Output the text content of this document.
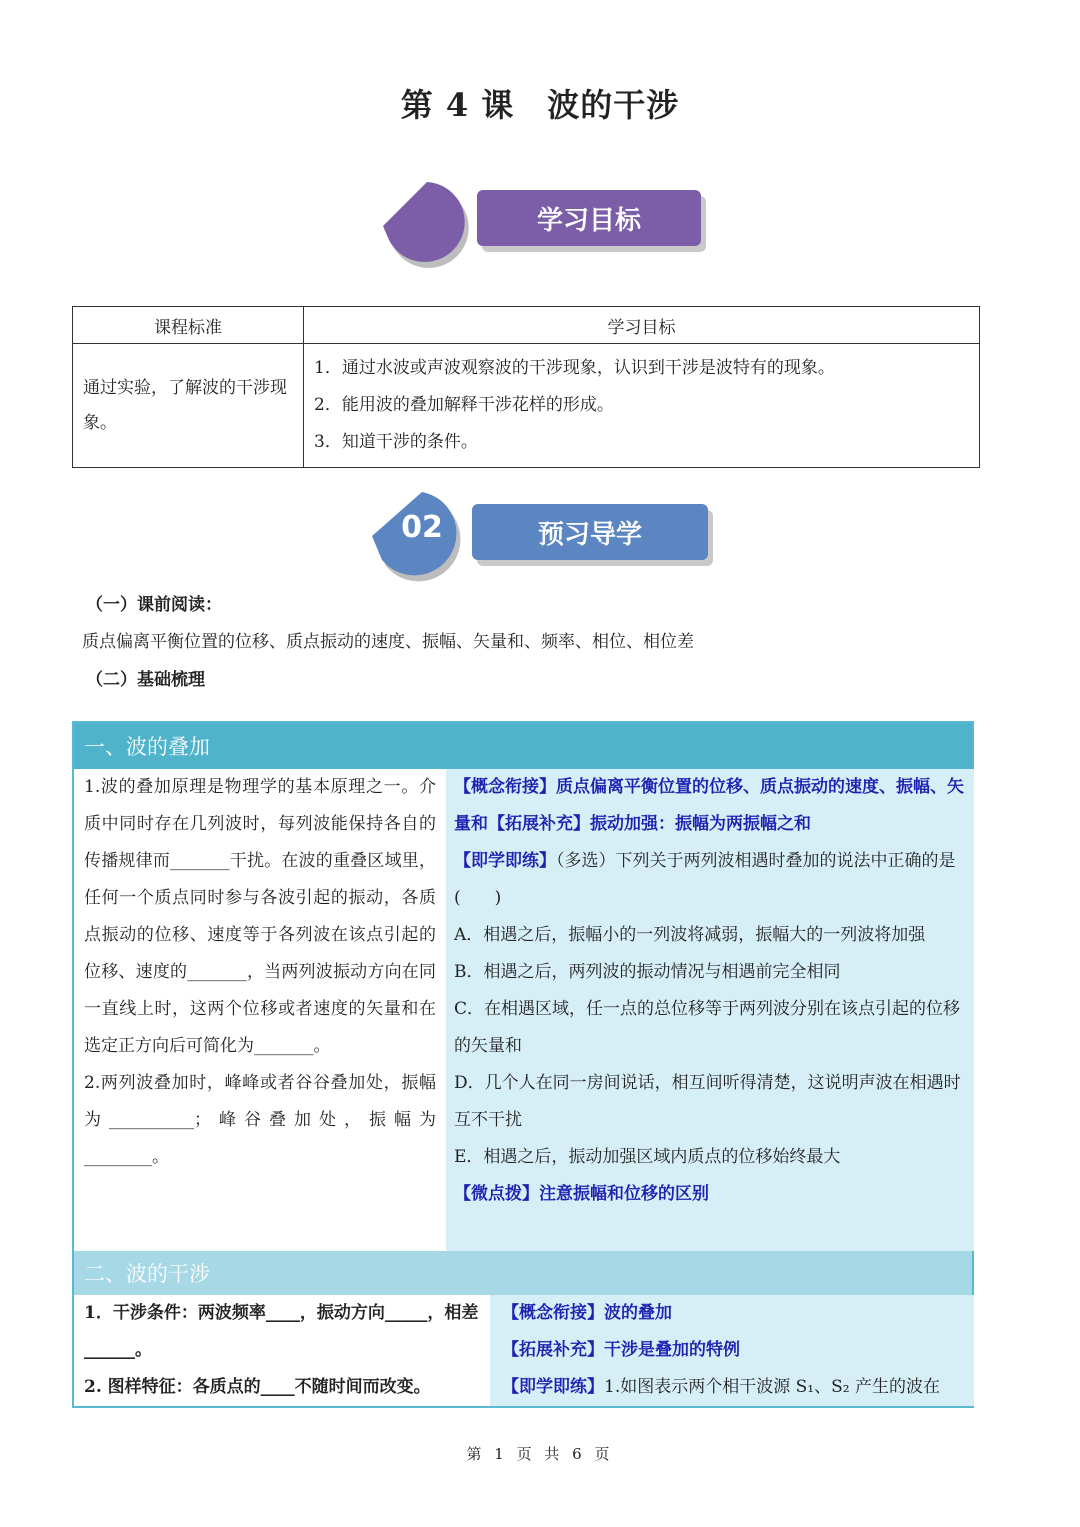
第 4 课　波的干涉
学习目标
课程标准	学习目标
通过实验，了解波的干涉现象。	1．通过水波或声波观察波的干涉现象，认识到干涉是波特有的现象。
2．能用波的叠加解释干涉花样的形成。
3．知道干涉的条件。
02	预习导学
（一）课前阅读：
质点偏离平衡位置的位移、质点振动的速度、振幅、矢量和、频率、相位、相位差
（二）基础梳理
一、波的叠加

1.波的叠加原理是物理学的基本原理之一。介质中同时存在几列波时，每列波能保持各自的传播规律而_______干扰。在波的重叠区域里，任何一个质点同时参与各波引起的振动，各质点振动的位移、速度等于各列波在该点引起的位移、速度的_______，当两列波振动方向在同一直线上时，这两个位移或者速度的矢量和在选定正方向后可简化为_______。

2.两列波叠加时，峰峰或者谷谷叠加处，振幅为__________；峰谷叠加处，振幅为________。

【概念衔接】质点偏离平衡位置的位移、质点振动的速度、振幅、矢量和【拓展补充】振动加强：振幅为两振幅之和
【即学即练】（多选）下列关于两列波相遇时叠加的说法中正确的是(　　)
A．相遇之后，振幅小的一列波将减弱，振幅大的一列波将加强
B．相遇之后，两列波的振动情况与相遇前完全相同
C．在相遇区域，任一点的总位移等于两列波分别在该点引起的位移的矢量和
D．几个人在同一房间说话，相互间听得清楚，这说明声波在相遇时互不干扰
E．相遇之后，振动加强区域内质点的位移始终最大
【微点拨】注意振幅和位移的区别
二、波的干涉

1．干涉条件：两波频率____，振动方向_____，相差______。

2. 图样特征：各质点的____不随时间而改变。

【概念衔接】波的叠加
【拓展补充】干涉是叠加的特例
【即学即练】1.如图表示两个相干波源 S₁、S₂ 产生的波在
第 1 页 共 6 页
